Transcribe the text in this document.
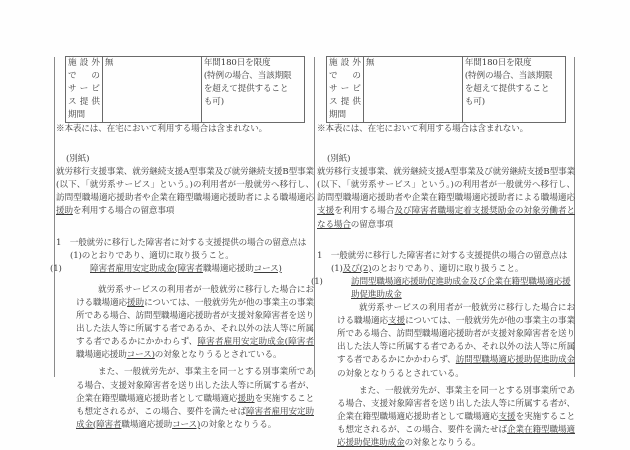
施 設 外
で の
サ ー ビ
ス 提 供
期間
	無	年間180日を限度
(特例の場合、当該期限
を超えて提供すること
も可)
※本表には、在宅において利用する場合は含まれない。
(別紙)
就労移行支援事業、就労継続支援A型事業及び就労継続支援B型事業(以下、「就労系サービス」という。)の利用者が一般就労へ移行し、訪問型職場適応援助者や企業在籍型職場適応援助者による職場適応援助を利用する場合の留意事項
1　一般就労に移行した障害者に対する支援提供の場合の留意点は(1)のとおりであり、適切に取り扱うこと。
(1)	障害者雇用安定助成金(障害者職場適応援助コース)
就労系サービスの利用者が一般就労に移行した場合における職場適応援助については、一般就労先が他の事業主の事業所である場合、訪問型職場適応援助者が支援対象障害者を送り出した法人等に所属する者であるか、それ以外の法人等に所属する者であるかにかかわらず、障害者雇用安定助成金(障害者職場適応援助コース)の対象となりうるとされている。
また、一般就労先が、事業主を同一とする別事業所である場合、支援対象障害者を送り出した法人等に所属する者が、企業在籍型職場適応援助者として職場適応援助を実施することも想定されるが、この場合、要件を満たせば障害者雇用安定助成金(障害者職場適応援助コース)の対象となりうる。
施 設 外
で の
サ ー ビ
ス 提 供
期間
	無	年間180日を限度
(特例の場合、当該期限
を超えて提供すること
も可)
※本表には、在宅において利用する場合は含まれない。
(別紙)
就労移行支援事業、就労継続支援A型事業及び就労継続支援B型事業(以下、「就労系サービス」という。)の利用者が一般就労へ移行し、訪問型職場適応援助者や企業在籍型職場適応援助者による職場適応支援を利用する場合及び障害者職場定着支援奨励金の対象労働者となる場合の留意事項
1　一般就労に移行した障害者に対する支援提供の場合の留意点は(1)及び(2)のとおりであり、適切に取り扱うこと。
(1)	訪問型職場適応援助促進助成金及び企業在籍型職場適応援助促進助成金
就労系サービスの利用者が一般就労に移行した場合における職場適応支援については、一般就労先が他の事業主の事業所である場合、訪問型職場適応援助者が支援対象障害者を送り出した法人等に所属する者であるか、それ以外の法人等に所属する者であるかにかかわらず、訪問型職場適応援助促進助成金の対象となりうるとされている。
また、一般就労先が、事業主を同一とする別事業所である場合、支援対象障害者を送り出した法人等に所属する者が、企業在籍型職場適応援助者として職場適応支援を実施することも想定されるが、この場合、要件を満たせば企業在籍型職場適応援助促進助成金の対象となりうる。
